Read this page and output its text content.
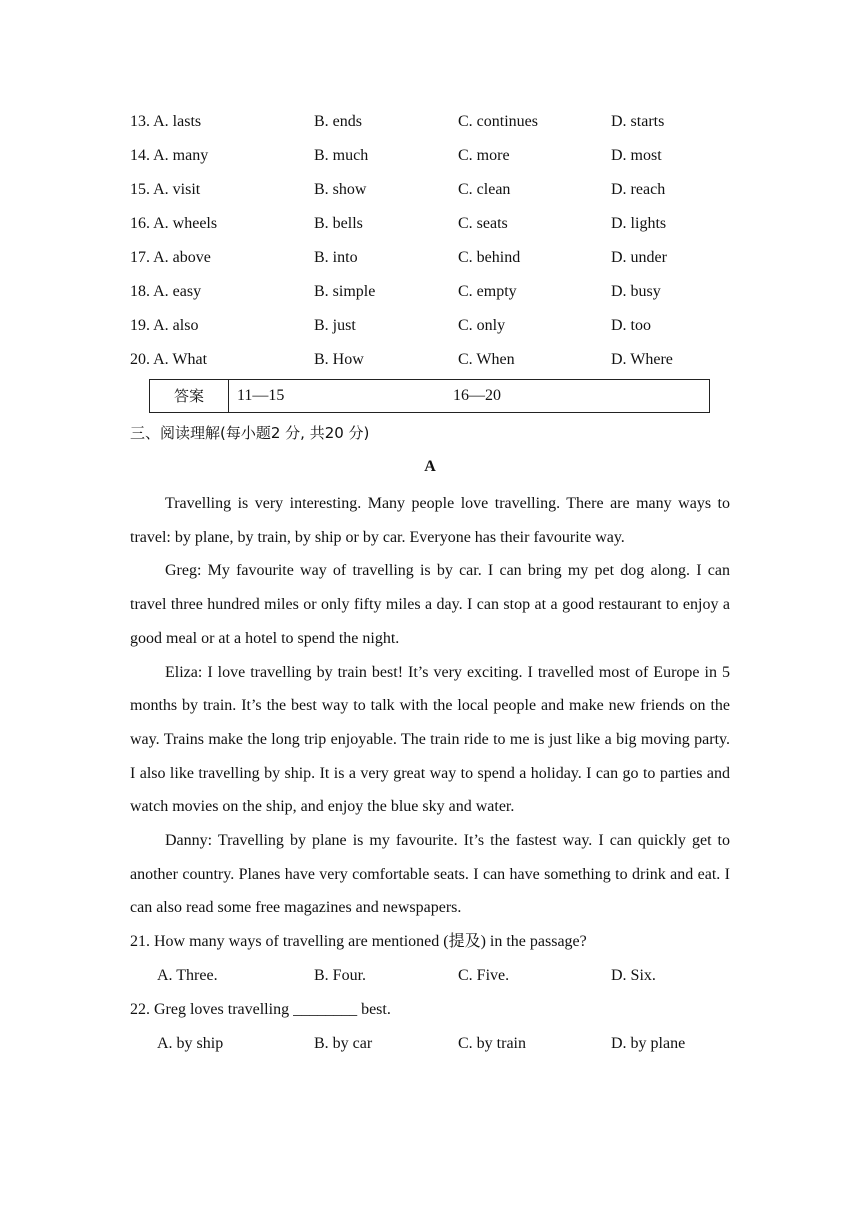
13. A. lasts	B. ends	C. continues	D. starts
14. A. many	B. much	C. more	D. most
15. A. visit	B. show	C. clean	D. reach
16. A. wheels	B. bells	C. seats	D. lights
17. A. above	B. into	C. behind	D. under
18. A. easy	B. simple	C. empty	D. busy
19. A. also	B. just	C. only	D. too
20. A. What	B. How	C. When	D. Where
答案	11—15	16—20
三、阅读理解(每小题2 分, 共20 分)
A

Travelling is very interesting. Many people love travelling. There are many ways to travel: by plane, by train, by ship or by car. Everyone has their favourite way.

Greg: My favourite way of travelling is by car. I can bring my pet dog along. I can travel three hundred miles or only fifty miles a day. I can stop at a good restaurant to enjoy a good meal or at a hotel to spend the night.

Eliza: I love travelling by train best! It’s very exciting. I travelled most of Europe in 5 months by train. It’s the best way to talk with the local people and make new friends on the way. Trains make the long trip enjoyable. The train ride to me is just like a big moving party. I also like travelling by ship. It is a very great way to spend a holiday. I can go to parties and watch movies on the ship, and enjoy the blue sky and water.

Danny: Travelling by plane is my favourite. It’s the fastest way. I can quickly get to another country. Planes have very comfortable seats. I can have something to drink and eat. I can also read some free magazines and newspapers.

21. How many ways of travelling are mentioned (提及) in the passage?
A. Three.	B. Four.	C. Five.	D. Six.
22. Greg loves travelling ________ best.
A. by ship	B. by car	C. by train	D. by plane
